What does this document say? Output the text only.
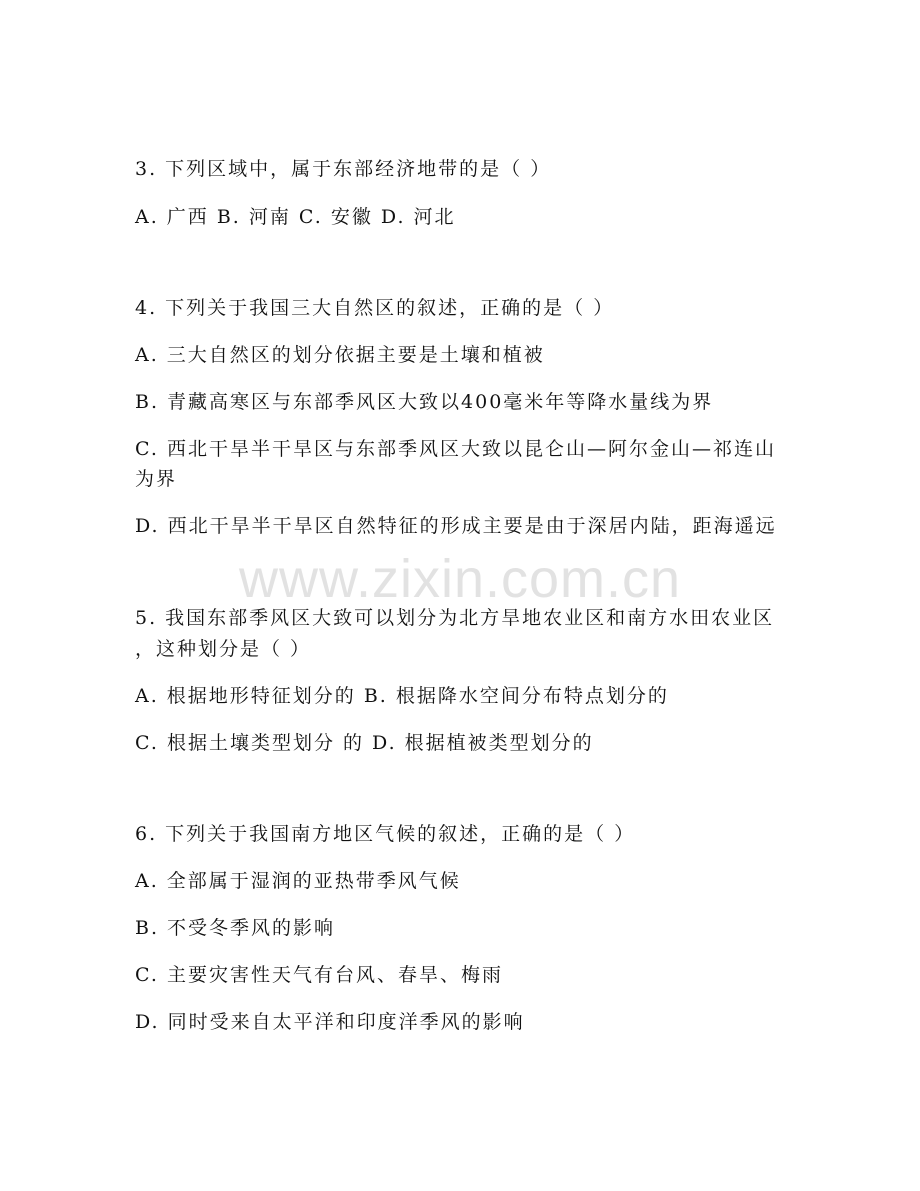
www.zixin.com.cn
3. 下列区域中，属于东部经济地带的是（ ）
A. 广西 B. 河南 C. 安徽 D. 河北
4. 下列关于我国三大自然区的叙述，正确的是（ ）
A. 三大自然区的划分依据主要是土壤和植被
B. 青藏高寒区与东部季风区大致以400毫米年等降水量线为界
C. 西北干旱半干旱区与东部季风区大致以昆仑山—阿尔金山—祁连山
为界
D. 西北干旱半干旱区自然特征的形成主要是由于深居内陆，距海遥远
5. 我国东部季风区大致可以划分为北方旱地农业区和南方水田农业区
，这种划分是（ ）
A. 根据地形特征划分的 B. 根据降水空间分布特点划分的
C. 根据土壤类型划分 的 D. 根据植被类型划分的
6. 下列关于我国南方地区气候的叙述，正确的是（ ）
A. 全部属于湿润的亚热带季风气候
B. 不受冬季风的影响
C. 主要灾害性天气有台风、春旱、梅雨
D. 同时受来自太平洋和印度洋季风的影响
